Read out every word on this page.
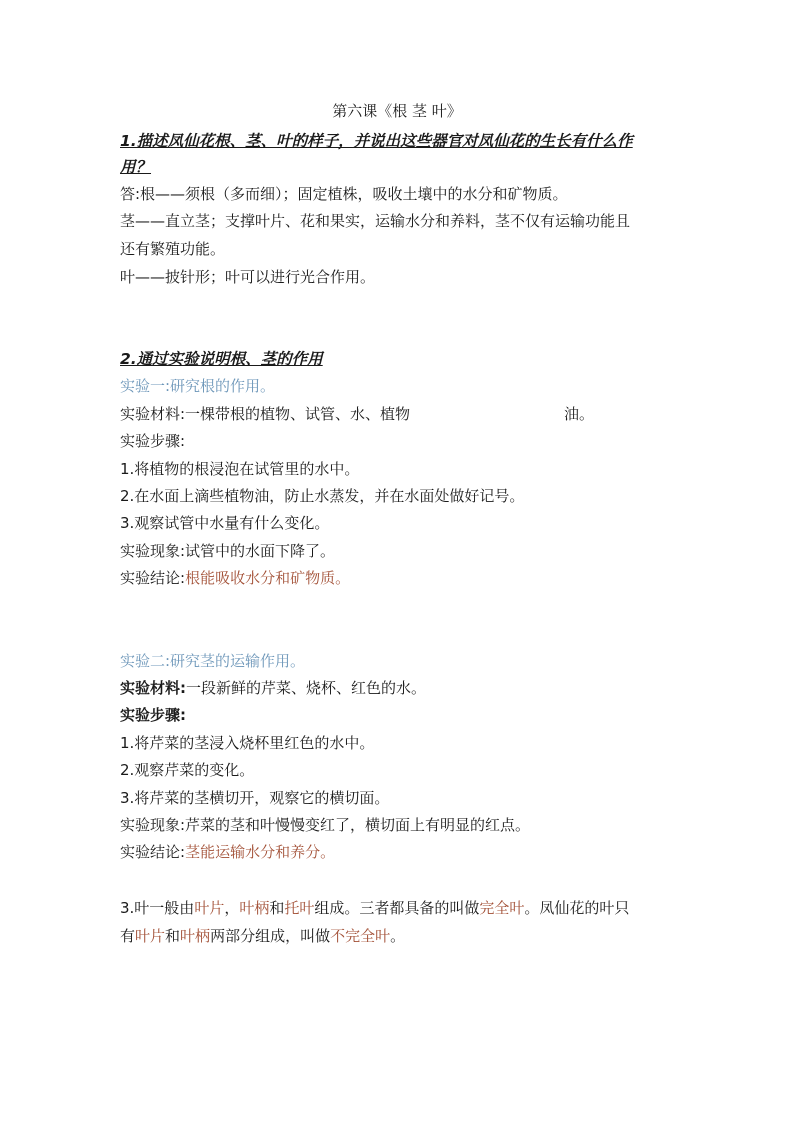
第六课《根 茎 叶》
1.描述凤仙花根、茎、叶的样子，并说出这些器官对凤仙花的生长有什么作
用？
答:根——须根（多而细）；固定植株，吸收土壤中的水分和矿物质。
茎——直立茎；支撑叶片、花和果实，运输水分和养料，茎不仅有运输功能且
还有繁殖功能。
叶——披针形；叶可以进行光合作用。
2.通过实验说明根、茎的作用
实验一:研究根的作用。
实验材料:一棵带根的植物、试管、水、植物	油。
实验步骤:
1.将植物的根浸泡在试管里的水中。
2.在水面上滴些植物油，防止水蒸发，并在水面处做好记号。
3.观察试管中水量有什么变化。
实验现象:试管中的水面下降了。
实验结论:根能吸收水分和矿物质。
实验二:研究茎的运输作用。
实验材料:一段新鲜的芹菜、烧杯、红色的水。
实验步骤:
1.将芹菜的茎浸入烧杯里红色的水中。
2.观察芹菜的变化。
3.将芹菜的茎横切开，观察它的横切面。
实验现象:芹菜的茎和叶慢慢变红了，横切面上有明显的红点。
实验结论:茎能运输水分和养分。
3.叶一般由叶片，叶柄和托叶组成。三者都具备的叫做完全叶。凤仙花的叶只
有叶片和叶柄两部分组成，叫做不完全叶。
